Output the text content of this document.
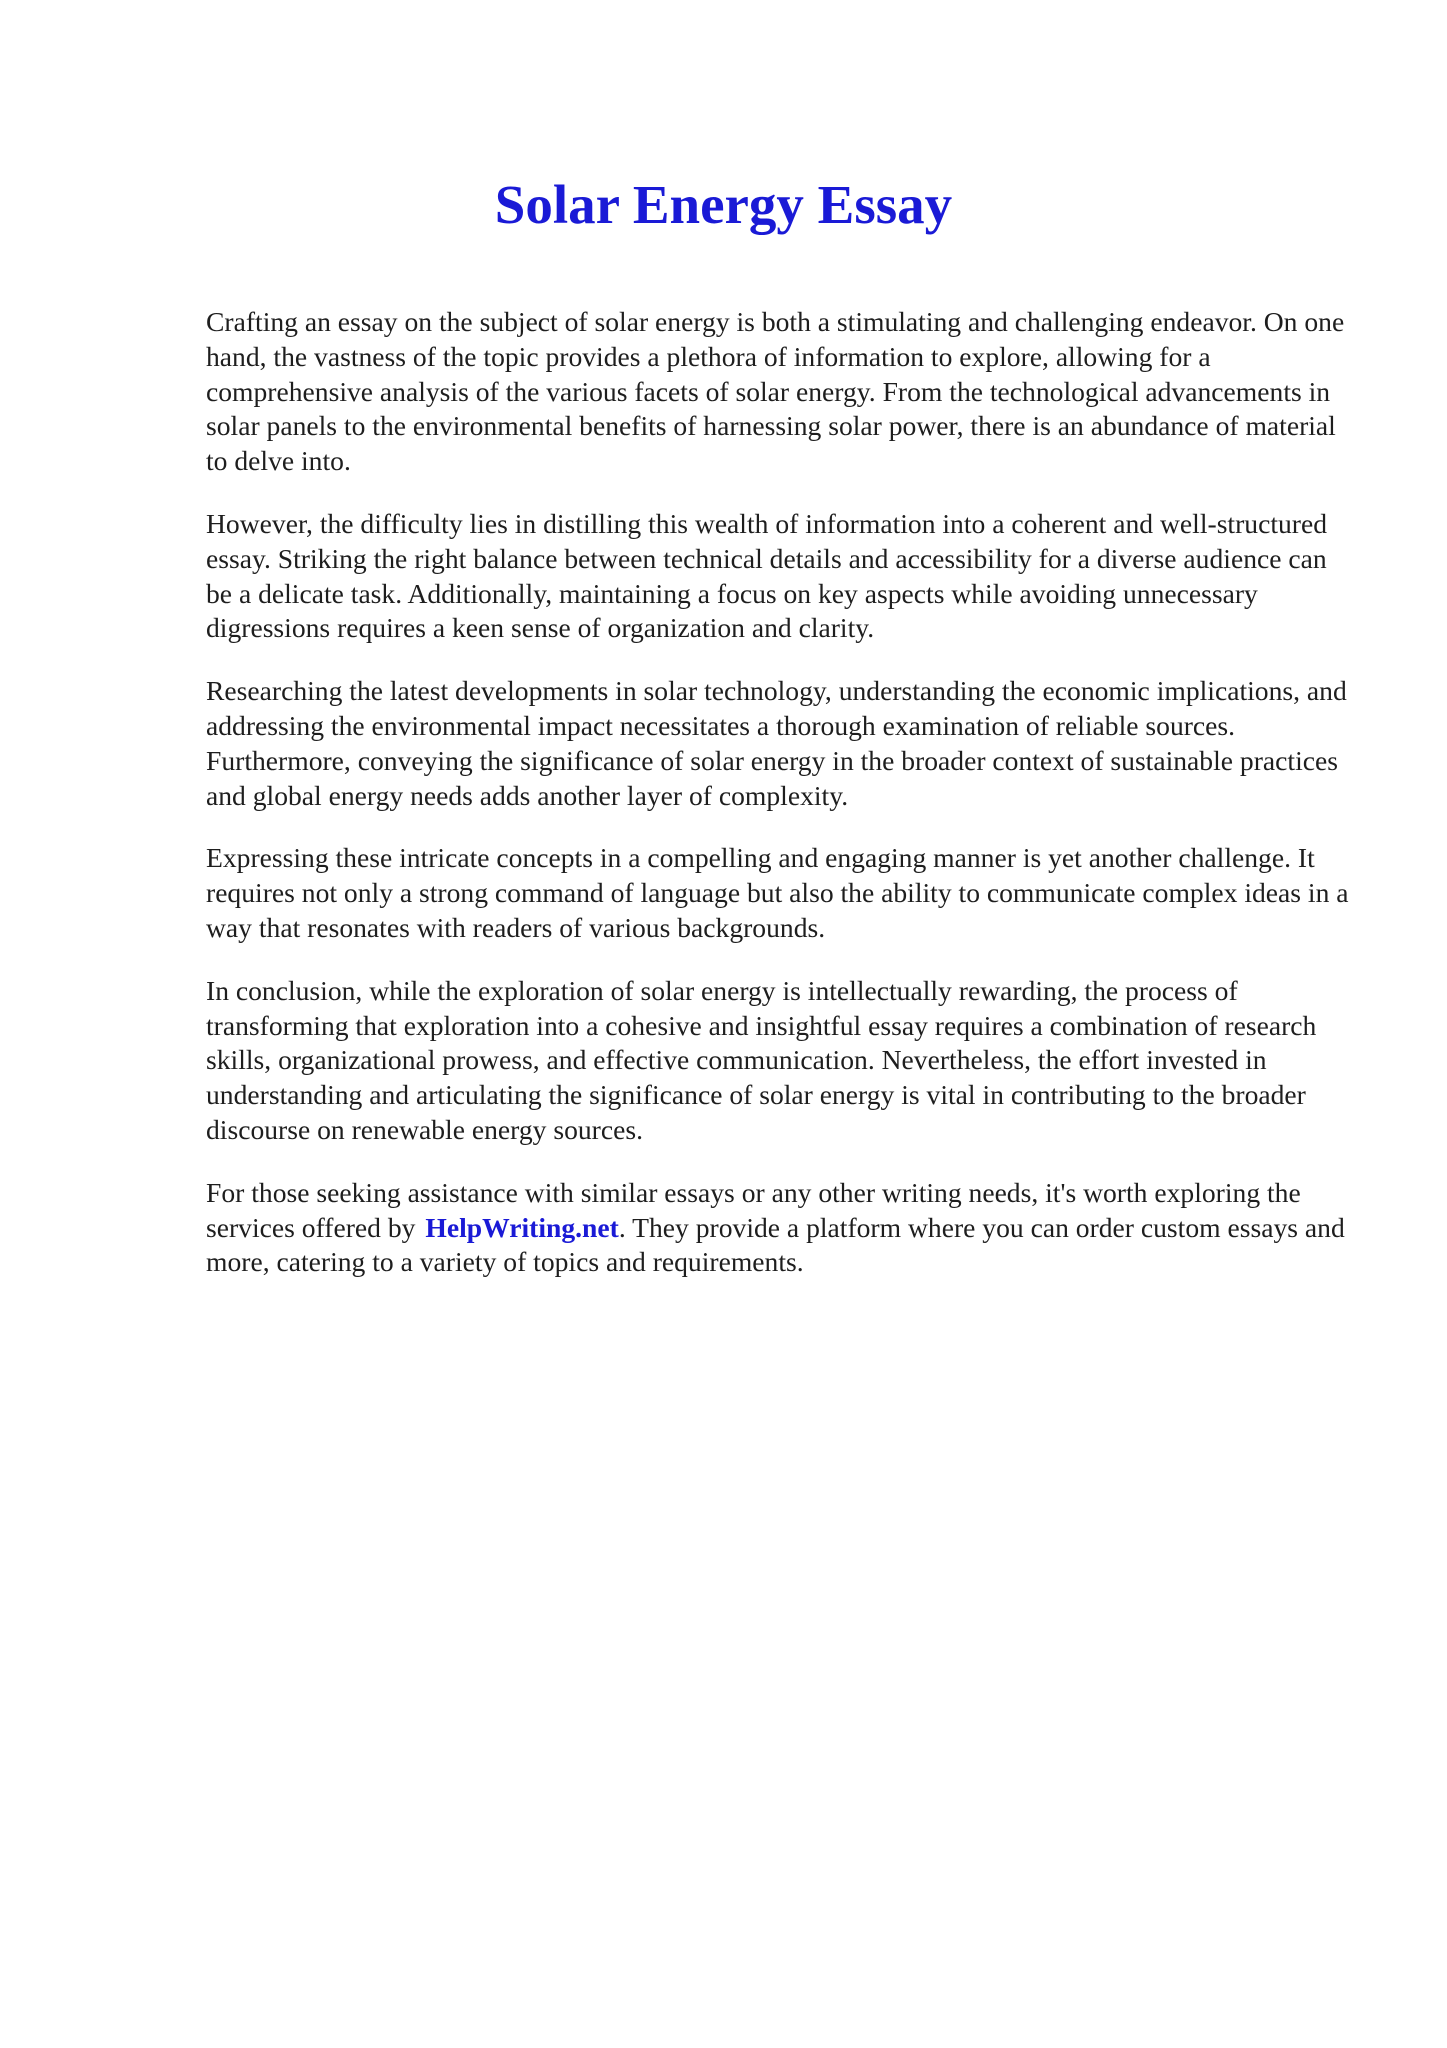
Solar Energy Essay

Crafting an essay on the subject of solar energy is both a stimulating and challenging endeavor. On one hand, the vastness of the topic provides a plethora of information to explore, allowing for a comprehensive analysis of the various facets of solar energy. From the technological advancements in solar panels to the environmental benefits of harnessing solar power, there is an abundance of material to delve into.

However, the difficulty lies in distilling this wealth of information into a coherent and well-structured essay. Striking the right balance between technical details and accessibility for a diverse audience can be a delicate task. Additionally, maintaining a focus on key aspects while avoiding unnecessary digressions requires a keen sense of organization and clarity.

Researching the latest developments in solar technology, understanding the economic implications, and addressing the environmental impact necessitates a thorough examination of reliable sources. Furthermore, conveying the significance of solar energy in the broader context of sustainable practices and global energy needs adds another layer of complexity.

Expressing these intricate concepts in a compelling and engaging manner is yet another challenge. It requires not only a strong command of language but also the ability to communicate complex ideas in a way that resonates with readers of various backgrounds.

In conclusion, while the exploration of solar energy is intellectually rewarding, the process of transforming that exploration into a cohesive and insightful essay requires a combination of research skills, organizational prowess, and effective communication. Nevertheless, the effort invested in understanding and articulating the significance of solar energy is vital in contributing to the broader discourse on renewable energy sources.

For those seeking assistance with similar essays or any other writing needs, it's worth exploring the services offered by HelpWriting.net. They provide a platform where you can order custom essays and more, catering to a variety of topics and requirements.
